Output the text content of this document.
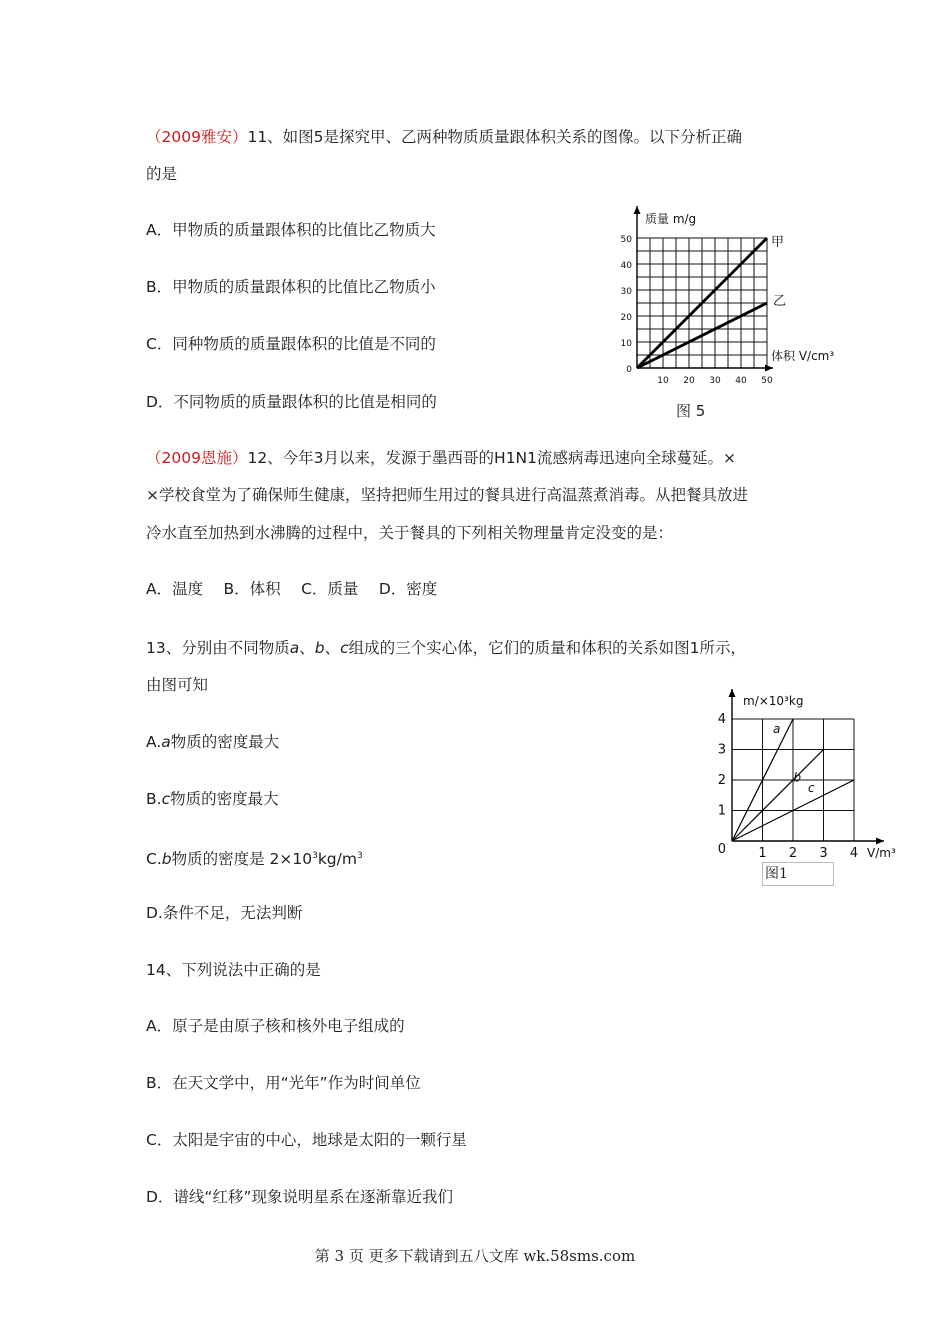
（2009雅安）11、如图5是探究甲、乙两种物质质量跟体积关系的图像。以下分析正确
的是
A．甲物质的质量跟体积的比值比乙物质大
B．甲物质的质量跟体积的比值比乙物质小
C．同种物质的质量跟体积的比值是不同的
D．不同物质的质量跟体积的比值是相同的
10 20 30 40 50
10
20
30
40
50
0
质量 m/g
体积 V/cm³
甲
乙
图 5
（2009恩施）12、今年3月以来，发源于墨西哥的H1N1流感病毒迅速向全球蔓延。×
×学校食堂为了确保师生健康，坚持把师生用过的餐具进行高温蒸煮消毒。从把餐具放进
冷水直至加热到水沸腾的过程中，关于餐具的下列相关物理量肯定没变的是：
A．温度　 B．体积　 C．质量　 D．密度
13、分别由不同物质a、b、c组成的三个实心体，它们的质量和体积的关系如图1所示，
由图可知
A.a物质的密度最大
B.c物质的密度最大
C.b物质的密度是 $2\times 10^3kg/m^3$
D.条件不足，无法判断
1 2 3 4
1
2
3
4
0
m/×10³kg
V/m³
a
b
c
图1
14、下列说法中正确的是
A．原子是由原子核和核外电子组成的
B．在天文学中，用“光年”作为时间单位
C．太阳是宇宙的中心，地球是太阳的一颗行星
D．谱线“红移”现象说明星系在逐渐靠近我们
第 3 页 更多下载请到五八文库 wk.58sms.com
